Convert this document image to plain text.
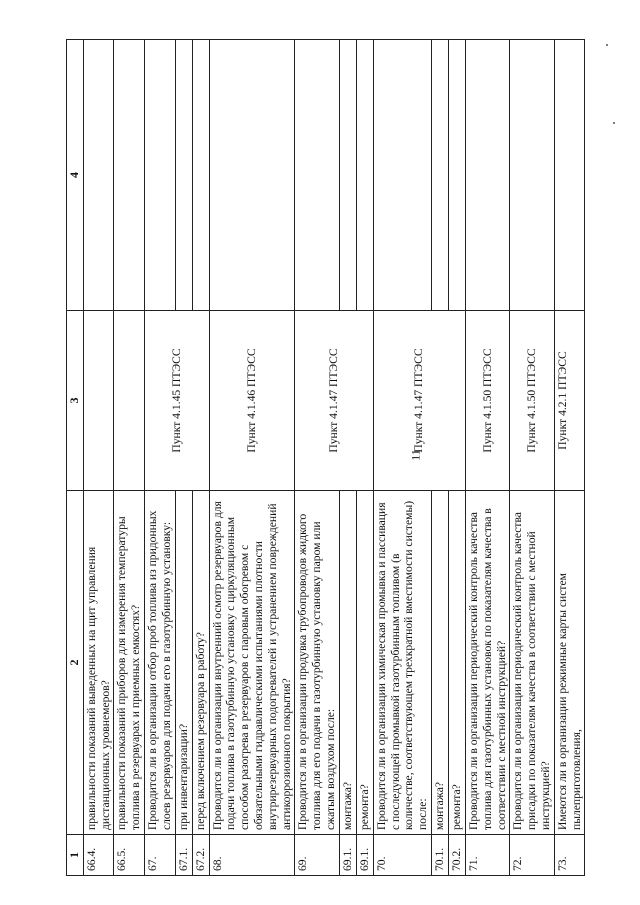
11
1	2	3	4
66.4.	правильности показаний выведенных на щит управления дистанционных уровнемеров?		
66.5.	правильности показаний приборов для измерения температуры топлива в резервуарах и приемных емкостях?		
67.	Проводится ли в организации отбор проб топлива из придонных слоев резервуаров для подачи его в газотурбинную установку:	Пункт 4.1.45 ПТЭСС	
67.1.	при инвентаризации?		
67.2.	перед включением резервуара в работу?		
68.	Проводится ли в организации внутренний осмотр резервуаров для подачи топлива в газотурбинную установку с циркуляционным способом разогрева в резервуаров с паровым обогревом с обязательными гидравлическими испытаниями плотности внутрирезервуарных подогревателей и устранением повреждений антикоррозионного покрытия?	Пункт 4.1.46 ПТЭСС	
69.	Проводится ли в организации продувка трубопроводов жидкого топлива для его подачи в газотурбинную установку паром или сжатым воздухом после:	Пункт 4.1.47 ПТЭСС	
69.1.	монтажа?		
69.1.	ремонта?		
70.	Проводится ли в организации химическая промывка и пассивация с последующей промывкой газотурбинным топливом (в количестве, соответствующем трехкратной вместимости системы) после:	Пункт 4.1.47 ПТЭСС	
70.1.	монтажа?		
70.2.	ремонта?		
71.	Проводится ли в организации периодический контроль качества топлива для газотурбинных установок по показателям качества в соответствии с местной инструкцией?	Пункт 4.1.50 ПТЭСС	
72.	Проводится ли в организации периодический контроль качества присадки по показателям качества в соответствии с местной инструкцией?	Пункт 4.1.50 ПТЭСС	
73.	Имеются ли в организации режимные карты систем пылеприготовления,	Пункт 4.2.1 ПТЭСС	
